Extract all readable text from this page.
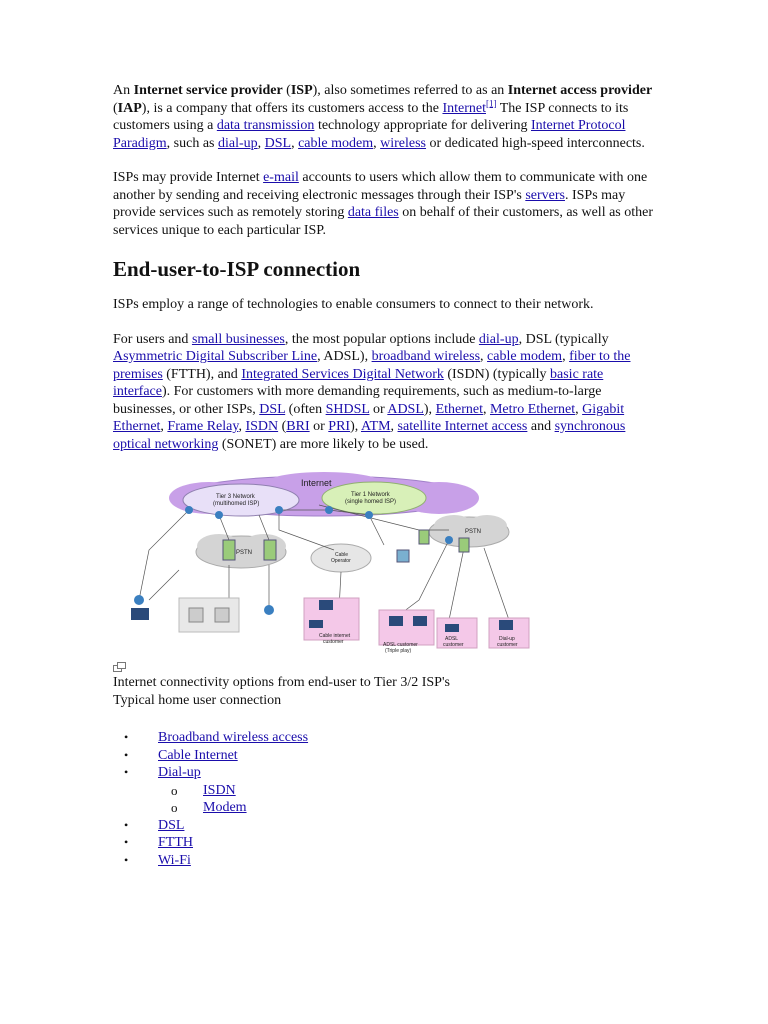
An Internet service provider (ISP), also sometimes referred to as an Internet access provider (IAP), is a company that offers its customers access to the Internet[1] The ISP connects to its customers using a data transmission technology appropriate for delivering Internet Protocol Paradigm, such as dial-up, DSL, cable modem, wireless or dedicated high-speed interconnects.

ISPs may provide Internet e-mail accounts to users which allow them to communicate with one another by sending and receiving electronic messages through their ISP's servers. ISPs may provide services such as remotely storing data files on behalf of their customers, as well as other services unique to each particular ISP.

End-user-to-ISP connection

ISPs employ a range of technologies to enable consumers to connect to their network.

For users and small businesses, the most popular options include dial-up, DSL (typically Asymmetric Digital Subscriber Line, ADSL), broadband wireless, cable modem, fiber to the premises (FTTH), and Integrated Services Digital Network (ISDN) (typically basic rate interface). For customers with more demanding requirements, such as medium-to-large businesses, or other ISPs, DSL (often SHDSL or ADSL), Ethernet, Metro Ethernet, Gigabit Ethernet, Frame Relay, ISDN (BRI or PRI), ATM, satellite Internet access and synchronous optical networking (SONET) are more likely to be used.

Internet
Tier 3 Network
(multihomed ISP)
Tier 1 Network
(single homed ISP)
PSTN
PSTN
Cable
Operator
Cable internet
customer	ADSL customer
(Triple play)
ADSL
customer
Dial-up
customer

Internet connectivity options from end-user to Tier 3/2 ISP's

Typical home user connection

• Broadband wireless access
• Cable Internet
• Dial-up
o ISDN
o Modem
• DSL
• FTTH
• Wi-Fi
